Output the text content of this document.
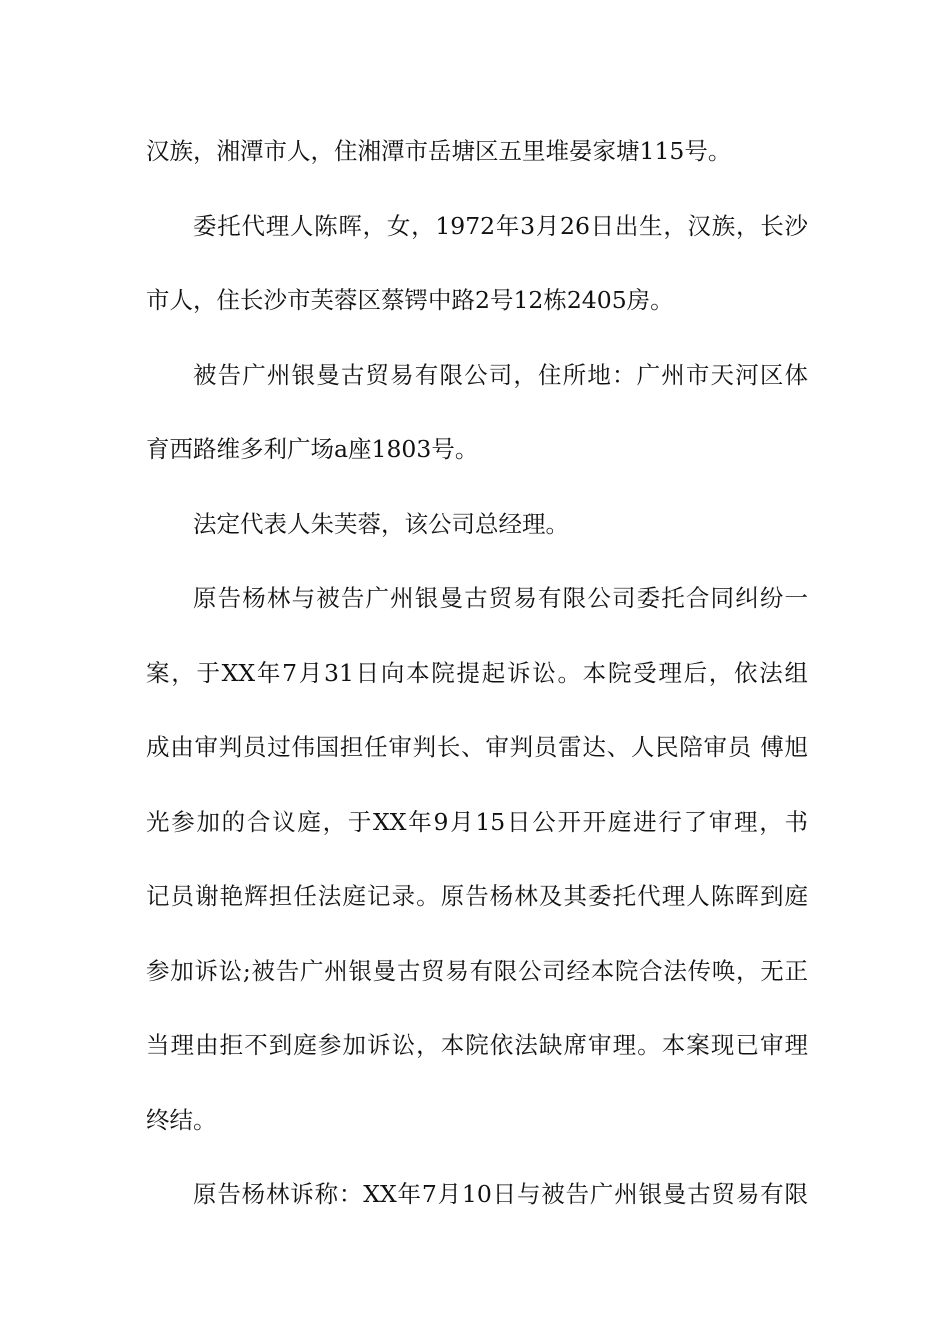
汉族，湘潭市人，住湘潭市岳塘区五里堆晏家塘115号。
委托代理人陈晖，女，1972年3月26日出生，汉族，长沙
市人，住长沙市芙蓉区蔡锷中路2号12栋2405房。
被告广州银曼古贸易有限公司，住所地：广州市天河区体
育西路维多利广场a座1803号。
法定代表人朱芙蓉，该公司总经理。
原告杨林与被告广州银曼古贸易有限公司委托合同纠纷一
案，于XX年7月31日向本院提起诉讼。本院受理后，依法组
成由审判员过伟国担任审判长、审判员雷达、人民陪审员 傅旭
光参加的合议庭，于XX年9月15日公开开庭进行了审理，书
记员谢艳辉担任法庭记录。原告杨林及其委托代理人陈晖到庭
参加诉讼;被告广州银曼古贸易有限公司经本院合法传唤，无正
当理由拒不到庭参加诉讼，本院依法缺席审理。本案现已审理
终结。
原告杨林诉称：XX年7月10日与被告广州银曼古贸易有限
